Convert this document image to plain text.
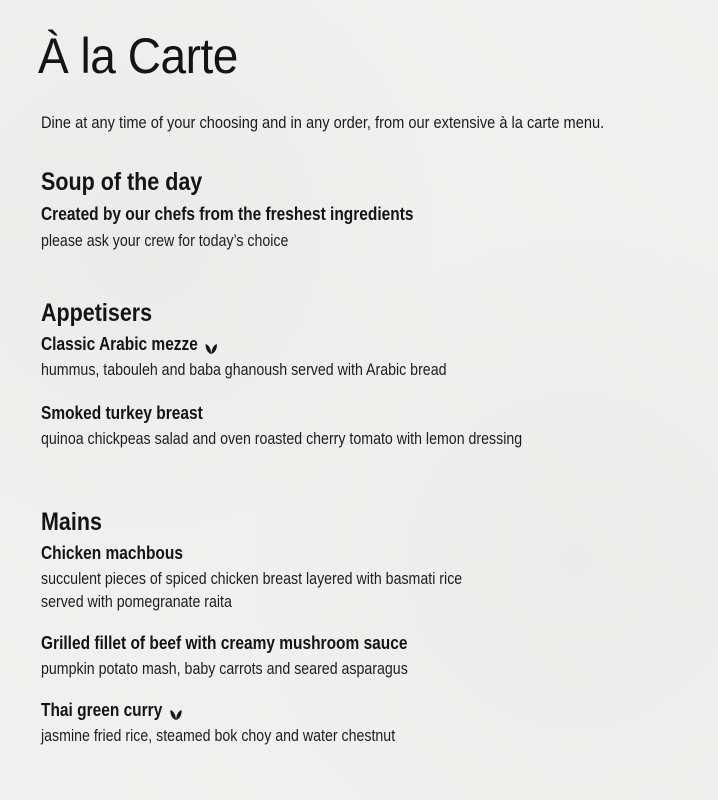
À la Carte
Dine at any time of your choosing and in any order, from our extensive à la carte menu.
Soup of the day
Created by our chefs from the freshest ingredients
please ask your crew for today’s choice
Appetisers
Classic Arabic mezze
hummus, tabouleh and baba ghanoush served with Arabic bread
Smoked turkey breast
quinoa chickpeas salad and oven roasted cherry tomato with lemon dressing
Mains
Chicken machbous
succulent pieces of spiced chicken breast layered with basmati rice
served with pomegranate raita
Grilled fillet of beef with creamy mushroom sauce
pumpkin potato mash, baby carrots and seared asparagus
Thai green curry
jasmine fried rice, steamed bok choy and water chestnut
